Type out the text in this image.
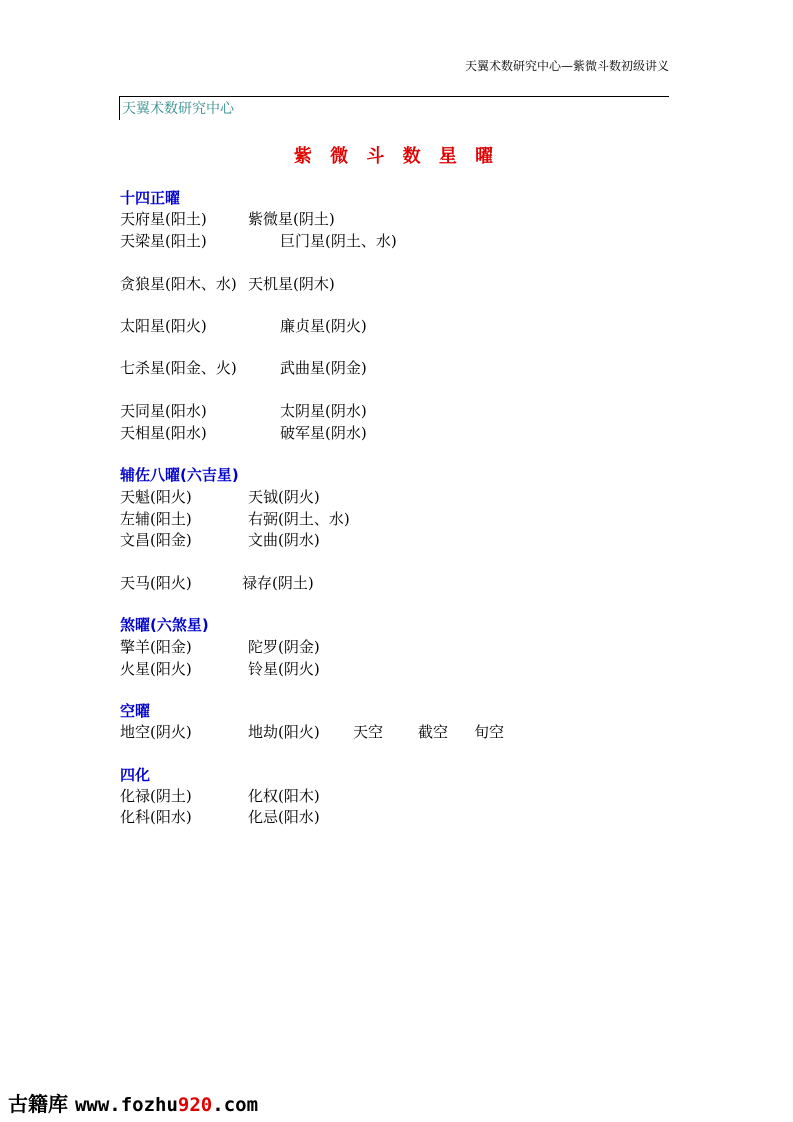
天翼术数研究中心—紫微斗数初级讲义
天翼术数研究中心
紫 微 斗 数 星 曜
十四正曜
天府星(阳土)	紫微星(阴土)
天梁星(阳土)	巨门星(阴土、水)
贪狼星(阳木、水) 天机星(阴木)
太阳星(阳火)	廉贞星(阴火)
七杀星(阳金、火)	武曲星(阴金)
天同星(阳水)	太阴星(阴水)
天相星(阳水)	破军星(阴水)
辅佐八曜(六吉星)
天魁(阳火)	天钺(阴火)
左辅(阳土)	右弼(阴土、水)
文昌(阳金)	文曲(阴水)
天马(阳火)	禄存(阴土)
煞曜(六煞星)
擎羊(阳金)	陀罗(阴金)
火星(阳火)	铃星(阴火)
空曜
地空(阴火)	地劫(阳火) 天空 截空 旬空
四化
化禄(阴土)	化权(阳木)
化科(阳水)	化忌(阳水)
古籍库 www.fozhu920.com
